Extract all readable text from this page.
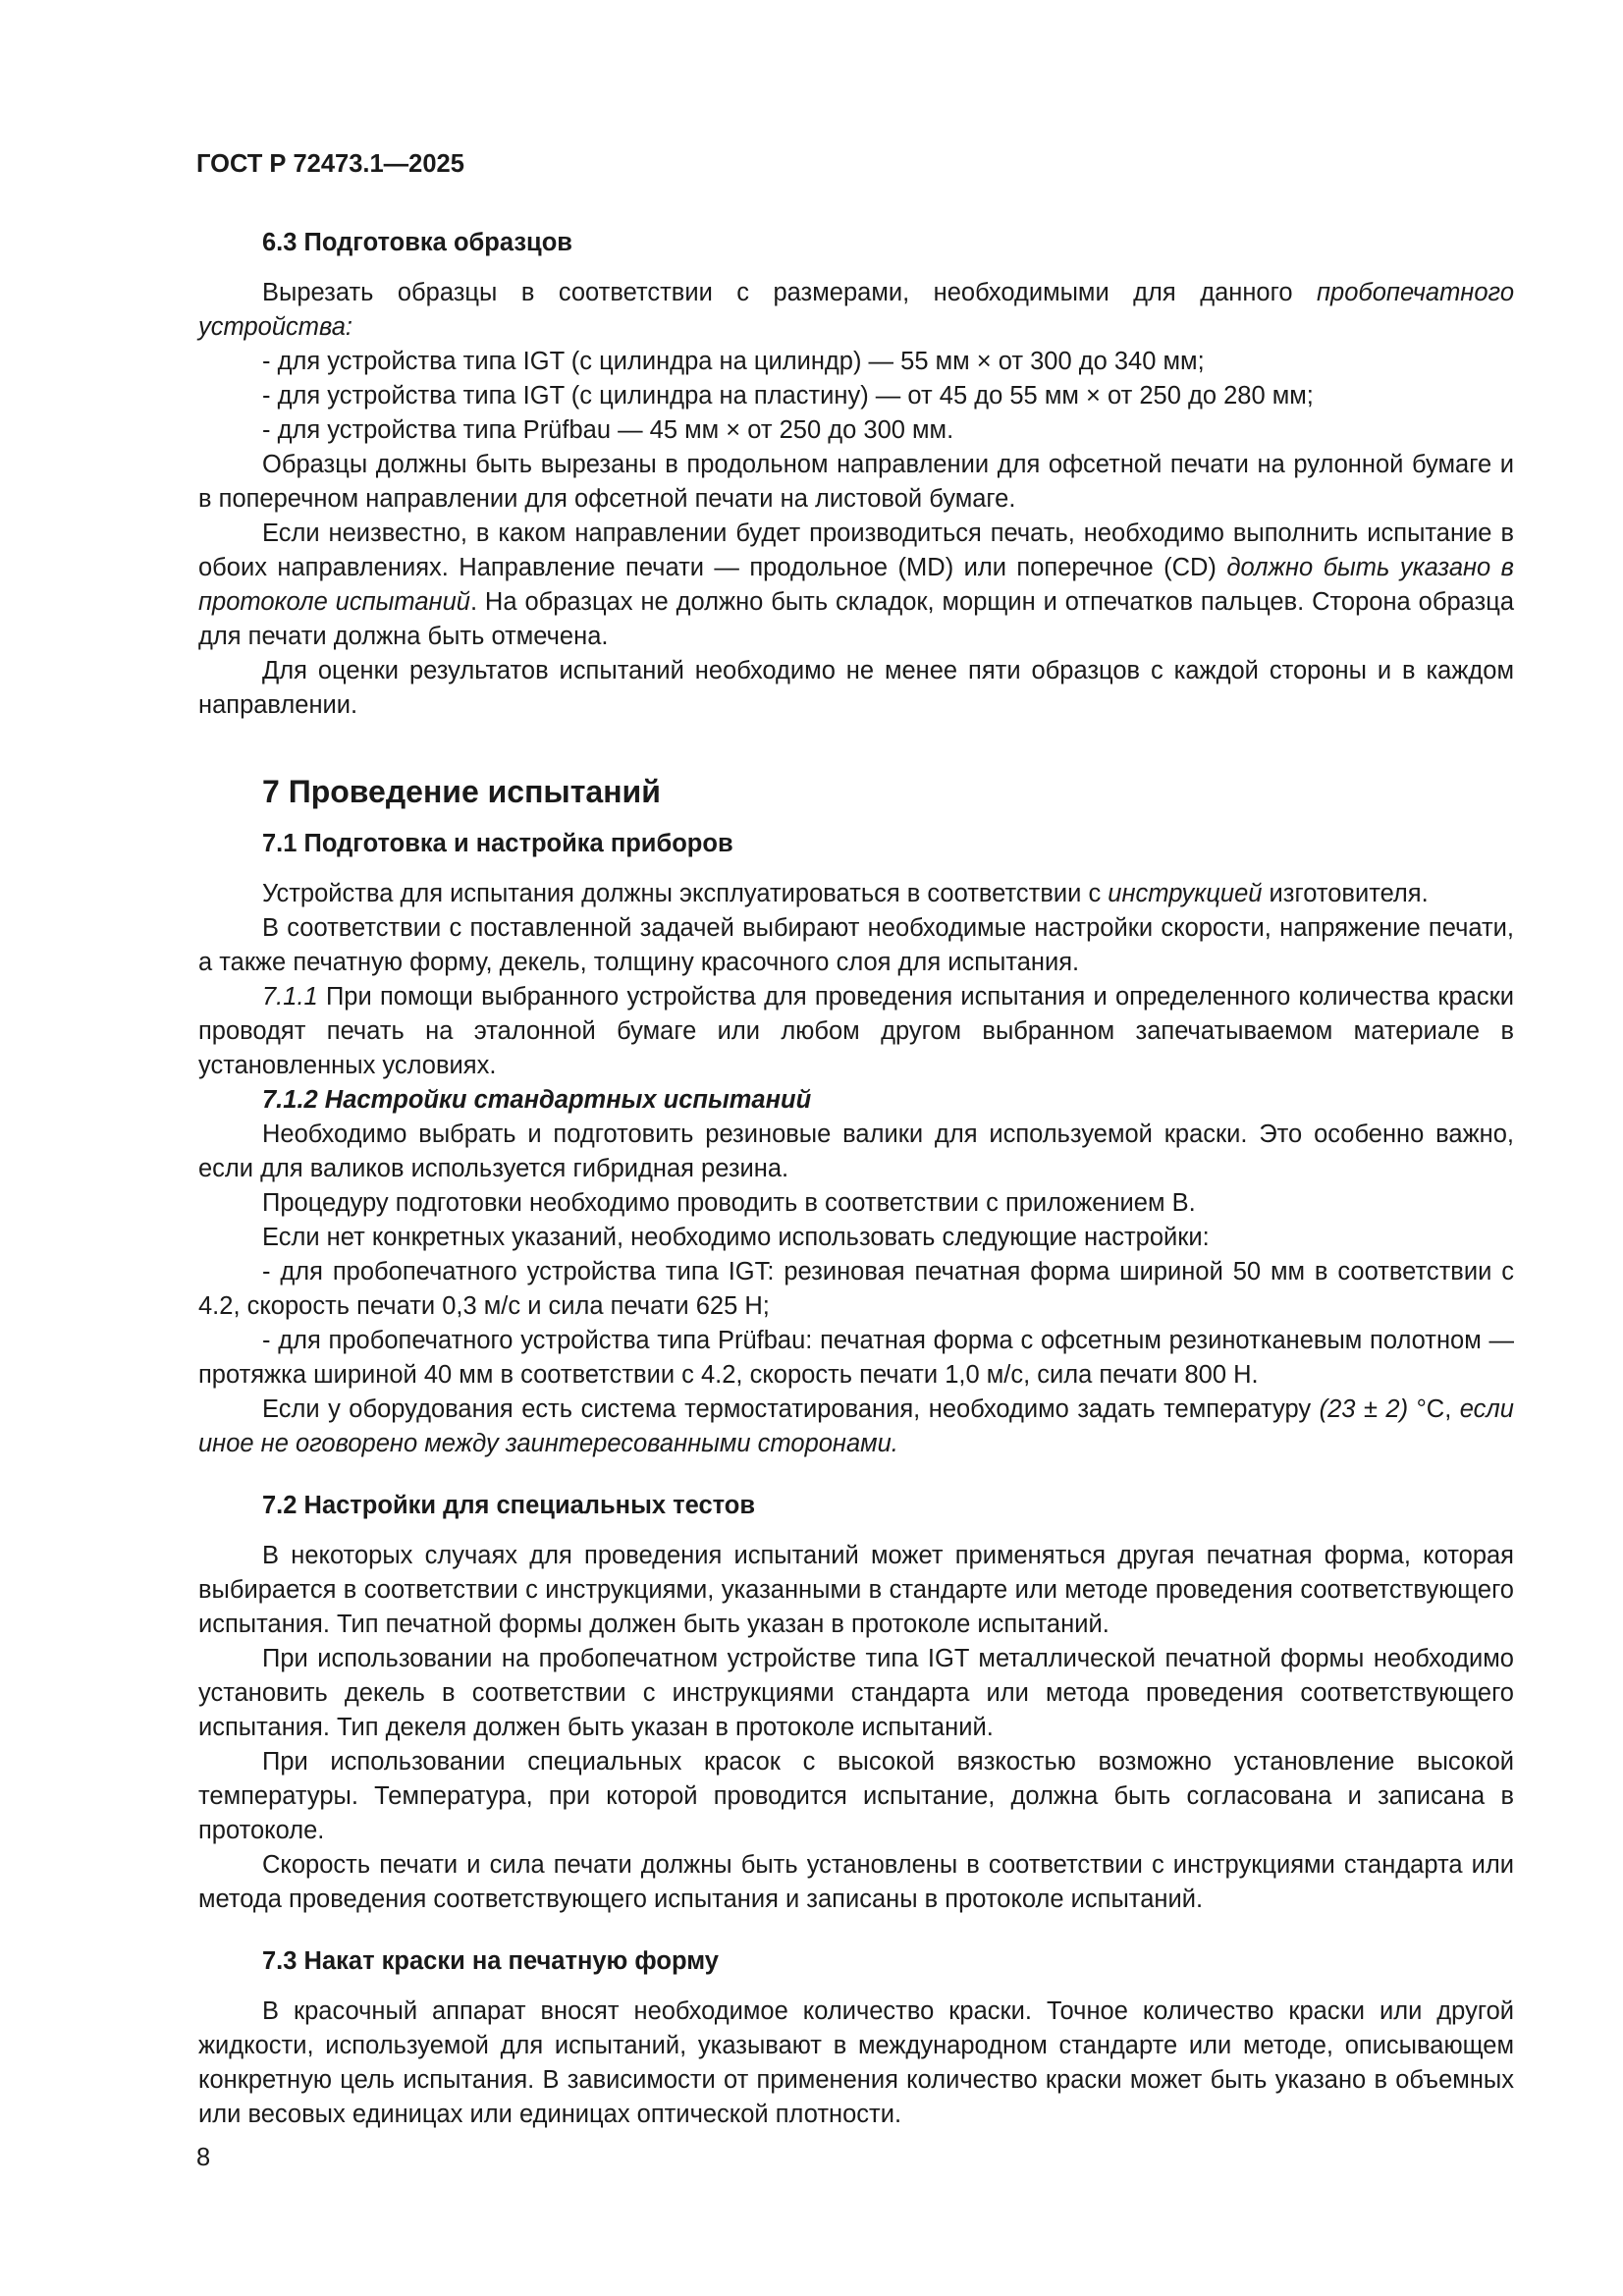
ГОСТ Р 72473.1—2025
6.3 Подготовка образцов

Вырезать образцы в соответствии с размерами, необходимыми для данного пробопечатного устройства:

- для устройства типа IGT (с цилиндра на цилиндр) — 55 мм × от 300 до 340 мм;

- для устройства типа IGT (с цилиндра на пластину) — от 45 до 55 мм × от 250 до 280 мм;

- для устройства типа Prüfbau — 45 мм × от 250 до 300 мм.

Образцы должны быть вырезаны в продольном направлении для офсетной печати на рулонной бумаге и в поперечном направлении для офсетной печати на листовой бумаге.

Если неизвестно, в каком направлении будет производиться печать, необходимо выполнить испытание в обоих направлениях. Направление печати — продольное (MD) или поперечное (CD) должно быть указано в протоколе испытаний. На образцах не должно быть складок, морщин и отпечатков пальцев. Сторона образца для печати должна быть отмечена.

Для оценки результатов испытаний необходимо не менее пяти образцов с каждой стороны и в каждом направлении.

7 Проведение испытаний
7.1 Подготовка и настройка приборов

Устройства для испытания должны эксплуатироваться в соответствии с инструкцией изготовителя.

В соответствии с поставленной задачей выбирают необходимые настройки скорости, напряжение печати, а также печатную форму, декель, толщину красочного слоя для испытания.

7.1.1 При помощи выбранного устройства для проведения испытания и определенного количества краски проводят печать на эталонной бумаге или любом другом выбранном запечатываемом материале в установленных условиях.

7.1.2 Настройки стандартных испытаний

Необходимо выбрать и подготовить резиновые валики для используемой краски. Это особенно важно, если для валиков используется гибридная резина.

Процедуру подготовки необходимо проводить в соответствии с приложением В.

Если нет конкретных указаний, необходимо использовать следующие настройки:

- для пробопечатного устройства типа IGT: резиновая печатная форма шириной 50 мм в соответствии с 4.2, скорость печати 0,3 м/с и сила печати 625 Н;

- для пробопечатного устройства типа Prüfbau: печатная форма с офсетным резинотканевым полотном — протяжка шириной 40 мм в соответствии с 4.2, скорость печати 1,0 м/с, сила печати 800 Н.

Если у оборудования есть система термостатирования, необходимо задать температуру (23 ± 2) °С, если иное не оговорено между заинтересованными сторонами.

7.2 Настройки для специальных тестов

В некоторых случаях для проведения испытаний может применяться другая печатная форма, которая выбирается в соответствии с инструкциями, указанными в стандарте или методе проведения соответствующего испытания. Тип печатной формы должен быть указан в протоколе испытаний.

При использовании на пробопечатном устройстве типа IGT металлической печатной формы необходимо установить декель в соответствии с инструкциями стандарта или метода проведения соответствующего испытания. Тип декеля должен быть указан в протоколе испытаний.

При использовании специальных красок с высокой вязкостью возможно установление высокой температуры. Температура, при которой проводится испытание, должна быть согласована и записана в протоколе.

Скорость печати и сила печати должны быть установлены в соответствии с инструкциями стандарта или метода проведения соответствующего испытания и записаны в протоколе испытаний.

7.3 Накат краски на печатную форму

В красочный аппарат вносят необходимое количество краски. Точное количество краски или другой жидкости, используемой для испытаний, указывают в международном стандарте или методе, описывающем конкретную цель испытания. В зависимости от применения количество краски может быть указано в объемных или весовых единицах или единицах оптической плотности.

8
